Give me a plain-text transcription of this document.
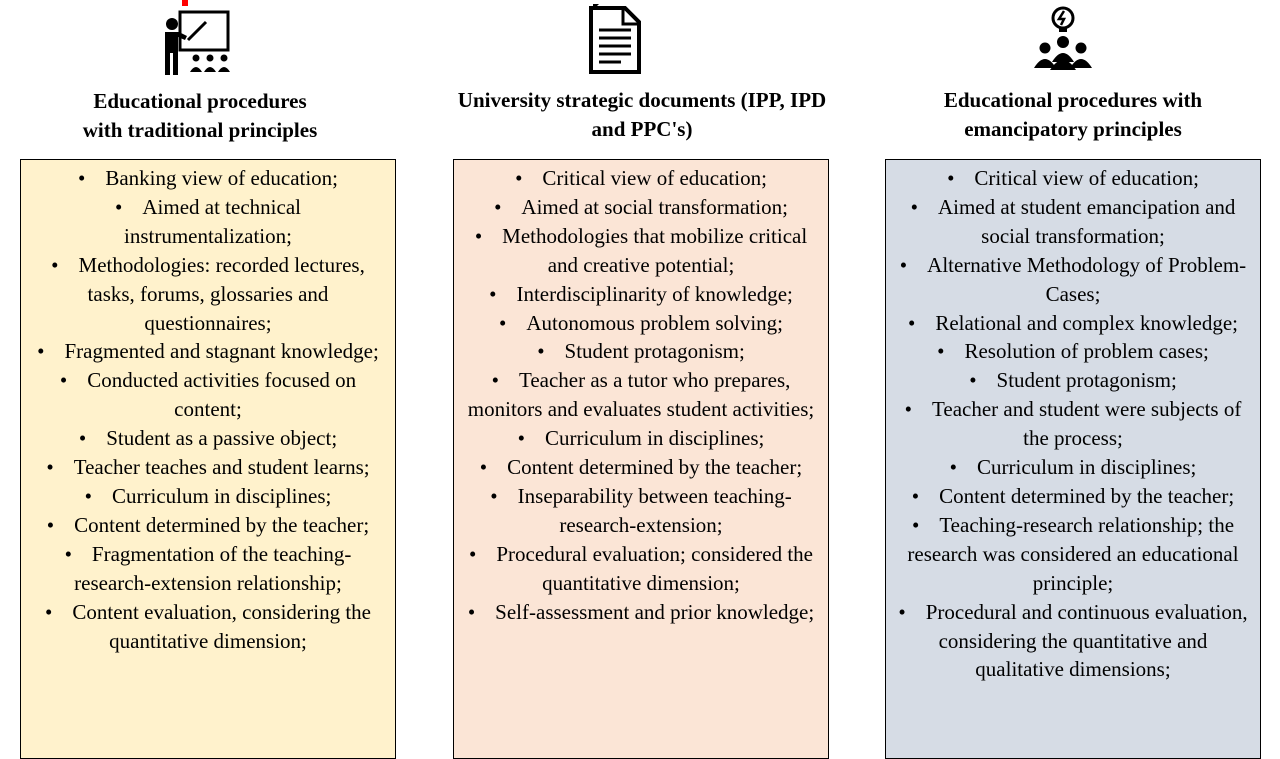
Educational procedures
with traditional principles
University strategic documents (IPP, IPD
and PPC's)
Educational procedures with
emancipatory principles
• Banking view of education;
• Aimed at technical instrumentalization;
• Methodologies: recorded lectures, tasks, forums, glossaries and questionnaires;
• Fragmented and stagnant knowledge;
• Conducted activities focused on content;
• Student as a passive object;
• Teacher teaches and student learns;
• Curriculum in disciplines;
• Content determined by the teacher;
• Fragmentation of the teaching-research-extension relationship;
• Content evaluation, considering the quantitative dimension;
• Critical view of education;
• Aimed at social transformation;
• Methodologies that mobilize critical and creative potential;
• Interdisciplinarity of knowledge;
• Autonomous problem solving;
• Student protagonism;
• Teacher as a tutor who prepares, monitors and evaluates student activities;
• Curriculum in disciplines;
• Content determined by the teacher;
• Inseparability between teaching-research-extension;
• Procedural evaluation; considered the quantitative dimension;
• Self-assessment and prior knowledge;
• Critical view of education;
• Aimed at student emancipation and social transformation;
• Alternative Methodology of Problem-Cases;
• Relational and complex knowledge;
• Resolution of problem cases;
• Student protagonism;
• Teacher and student were subjects of the process;
• Curriculum in disciplines;
• Content determined by the teacher;
• Teaching-research relationship; the research was considered an educational principle;
• Procedural and continuous evaluation, considering the quantitative and qualitative dimensions;
